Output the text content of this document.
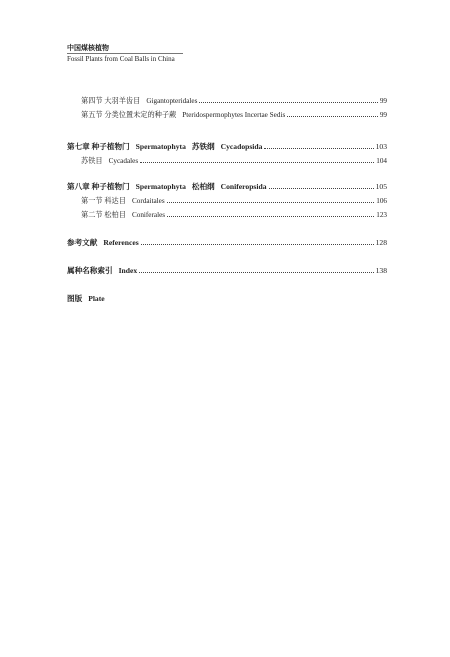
中国煤核植物
Fossil Plants from Coal Balls in China
第四节 大羽羊齿目 Gigantopteridales	99
第五节 分类位置未定的种子蕨 Pteridospermophytes Incertae Sedis	99
第七章 种子植物门 Spermatophyta 苏铁纲 Cycadopsida	103
苏铁目 Cycadales	104
第八章 种子植物门 Spermatophyta 松柏纲 Coniferopsida	105
第一节 科达目 Cordaitales	106
第二节 松柏目 Coniferales	123
参考文献 References	128
属种名称索引 Index	138
图版 Plate
